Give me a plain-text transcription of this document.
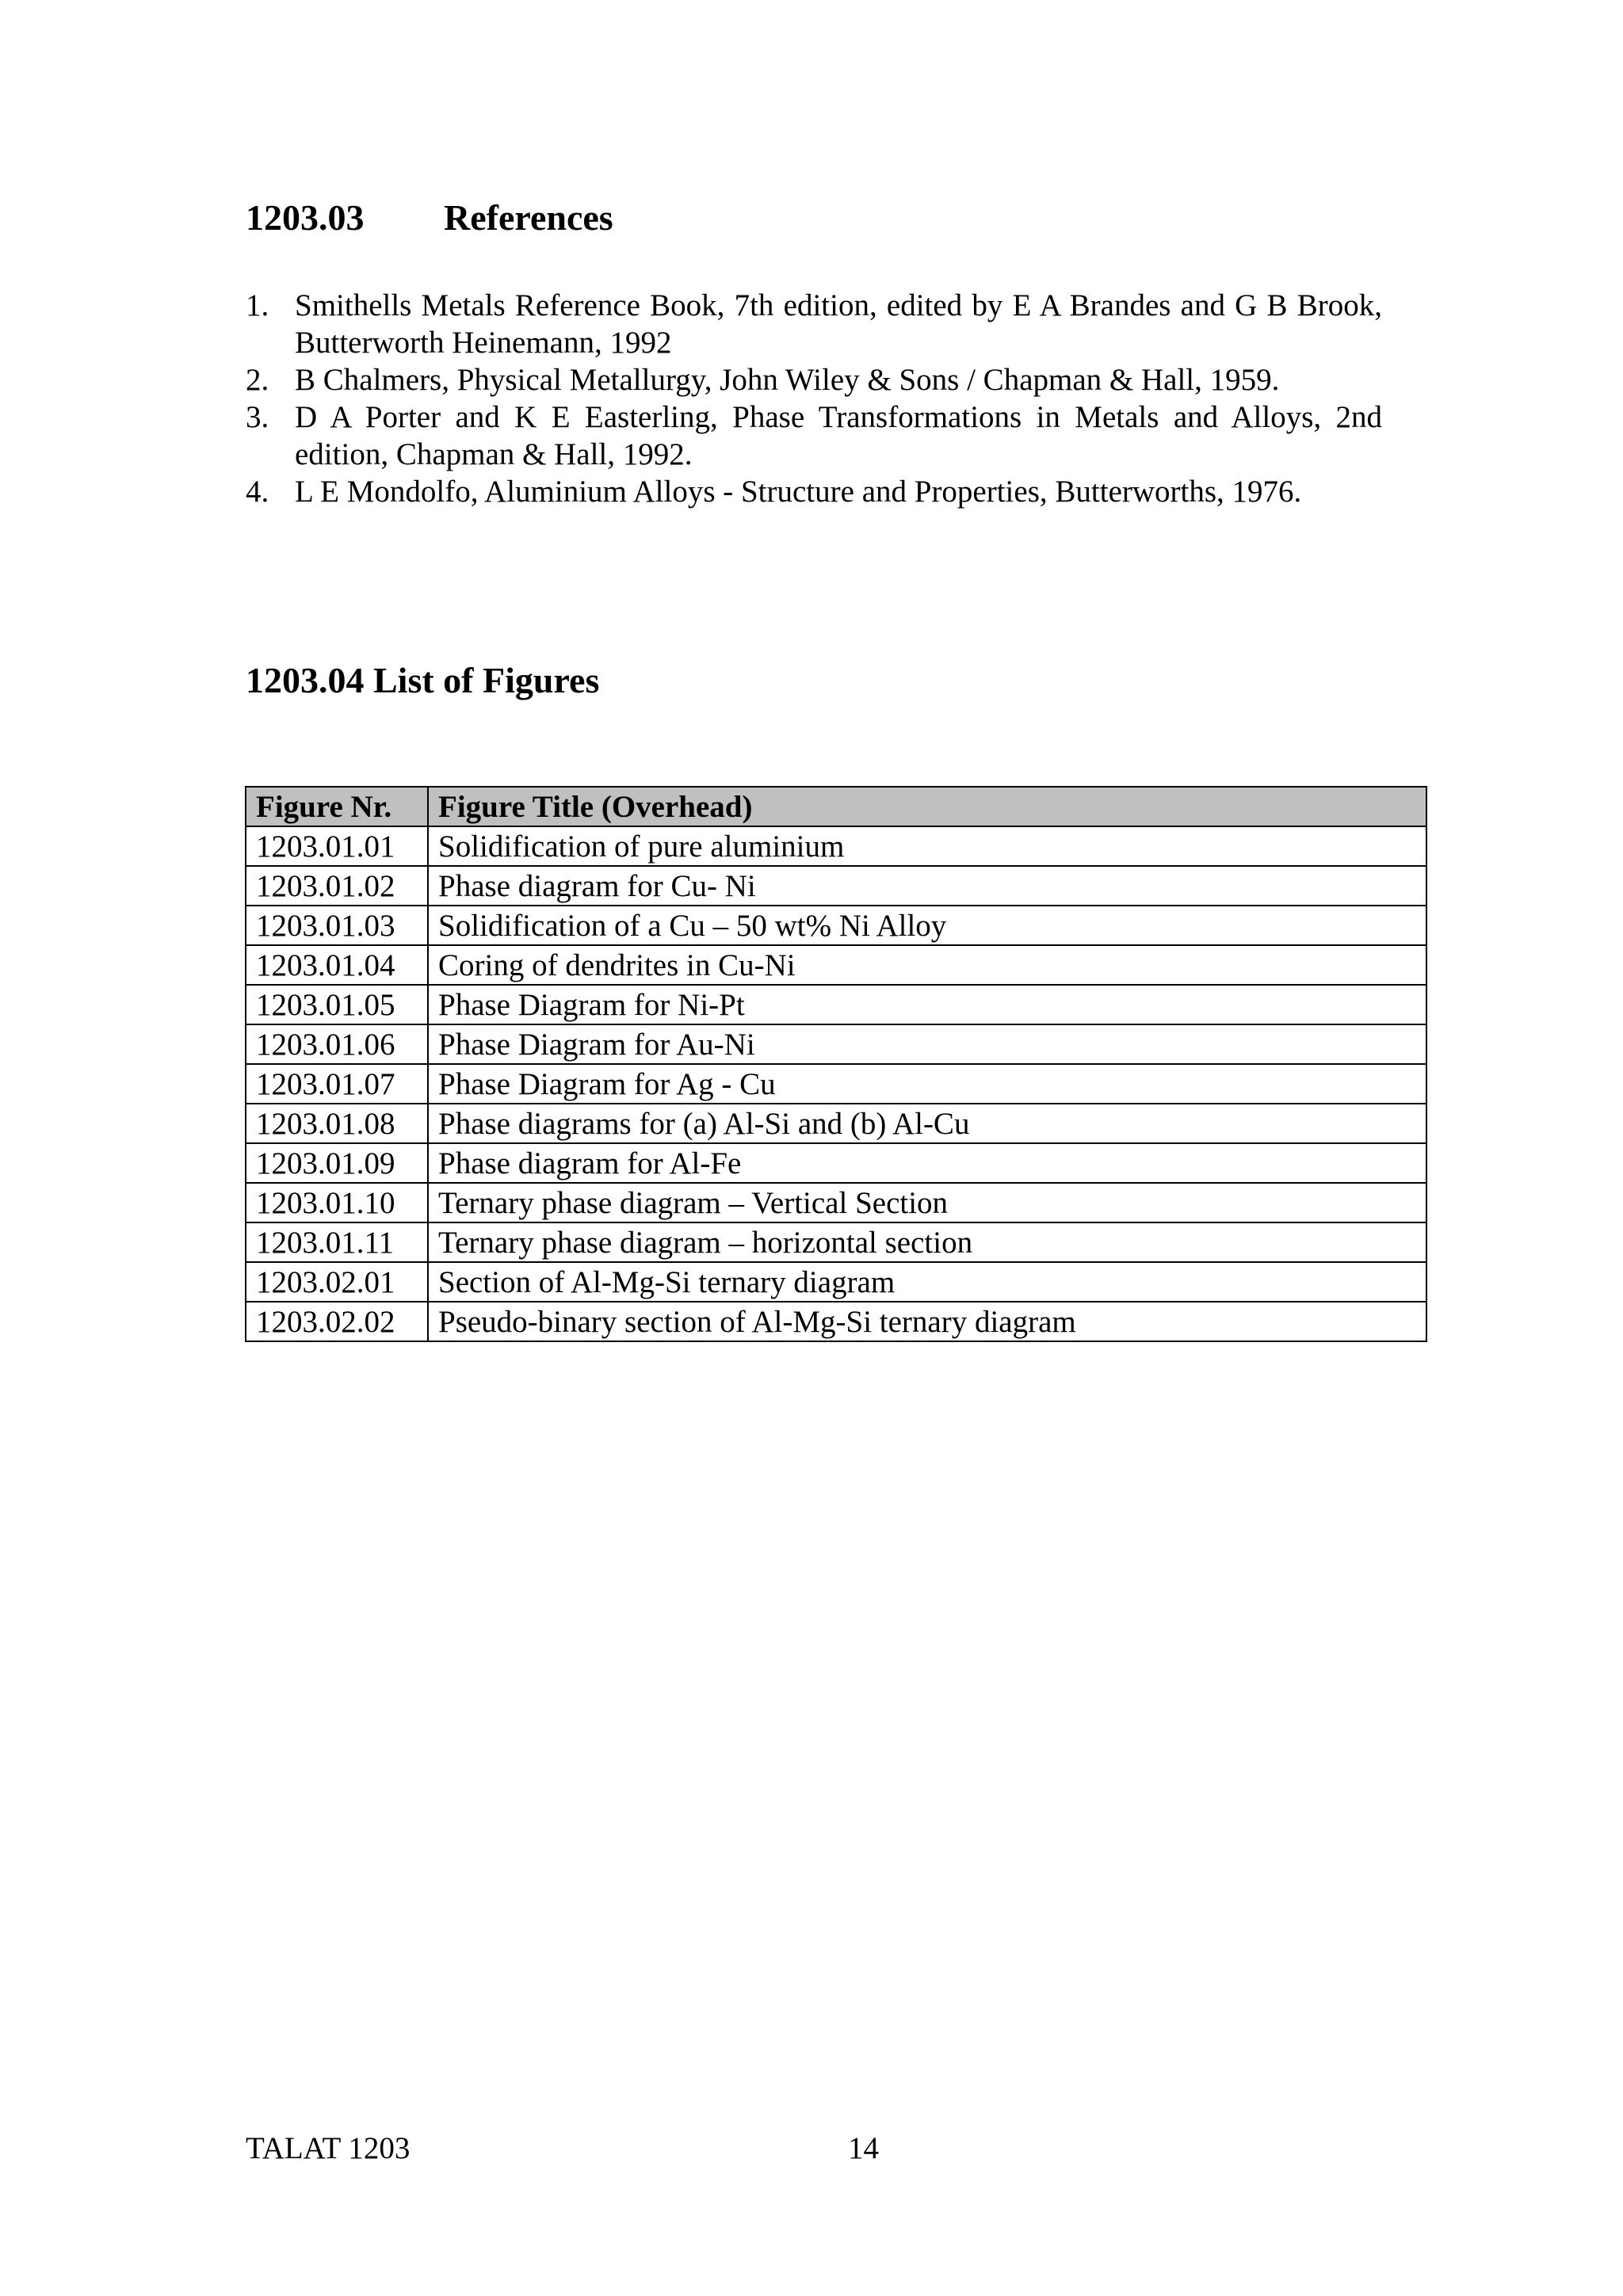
1203.03 References
1. Smithells Metals Reference Book, 7th edition, edited by E A Brandes and G B Brook, Butterworth Heinemann, 1992
2. B Chalmers, Physical Metallurgy, John Wiley & Sons / Chapman & Hall, 1959.
3. D A Porter and K E Easterling, Phase Transformations in Metals and Alloys, 2nd edition, Chapman & Hall, 1992.
4. L E Mondolfo, Aluminium Alloys - Structure and Properties, Butterworths, 1976.
1203.04 List of Figures
Figure Nr.	Figure Title (Overhead)
1203.01.01	Solidification of pure aluminium
1203.01.02	Phase diagram for Cu- Ni
1203.01.03	Solidification of a Cu – 50 wt% Ni Alloy
1203.01.04	Coring of dendrites in Cu-Ni
1203.01.05	Phase Diagram for Ni-Pt
1203.01.06	Phase Diagram for Au-Ni
1203.01.07	Phase Diagram for Ag - Cu
1203.01.08	Phase diagrams for (a) Al-Si and (b) Al-Cu
1203.01.09	Phase diagram for Al-Fe
1203.01.10	Ternary phase diagram – Vertical Section
1203.01.11	Ternary phase diagram – horizontal section
1203.02.01	Section of Al-Mg-Si ternary diagram
1203.02.02	Pseudo-binary section of Al-Mg-Si ternary diagram
TALAT 1203	14
